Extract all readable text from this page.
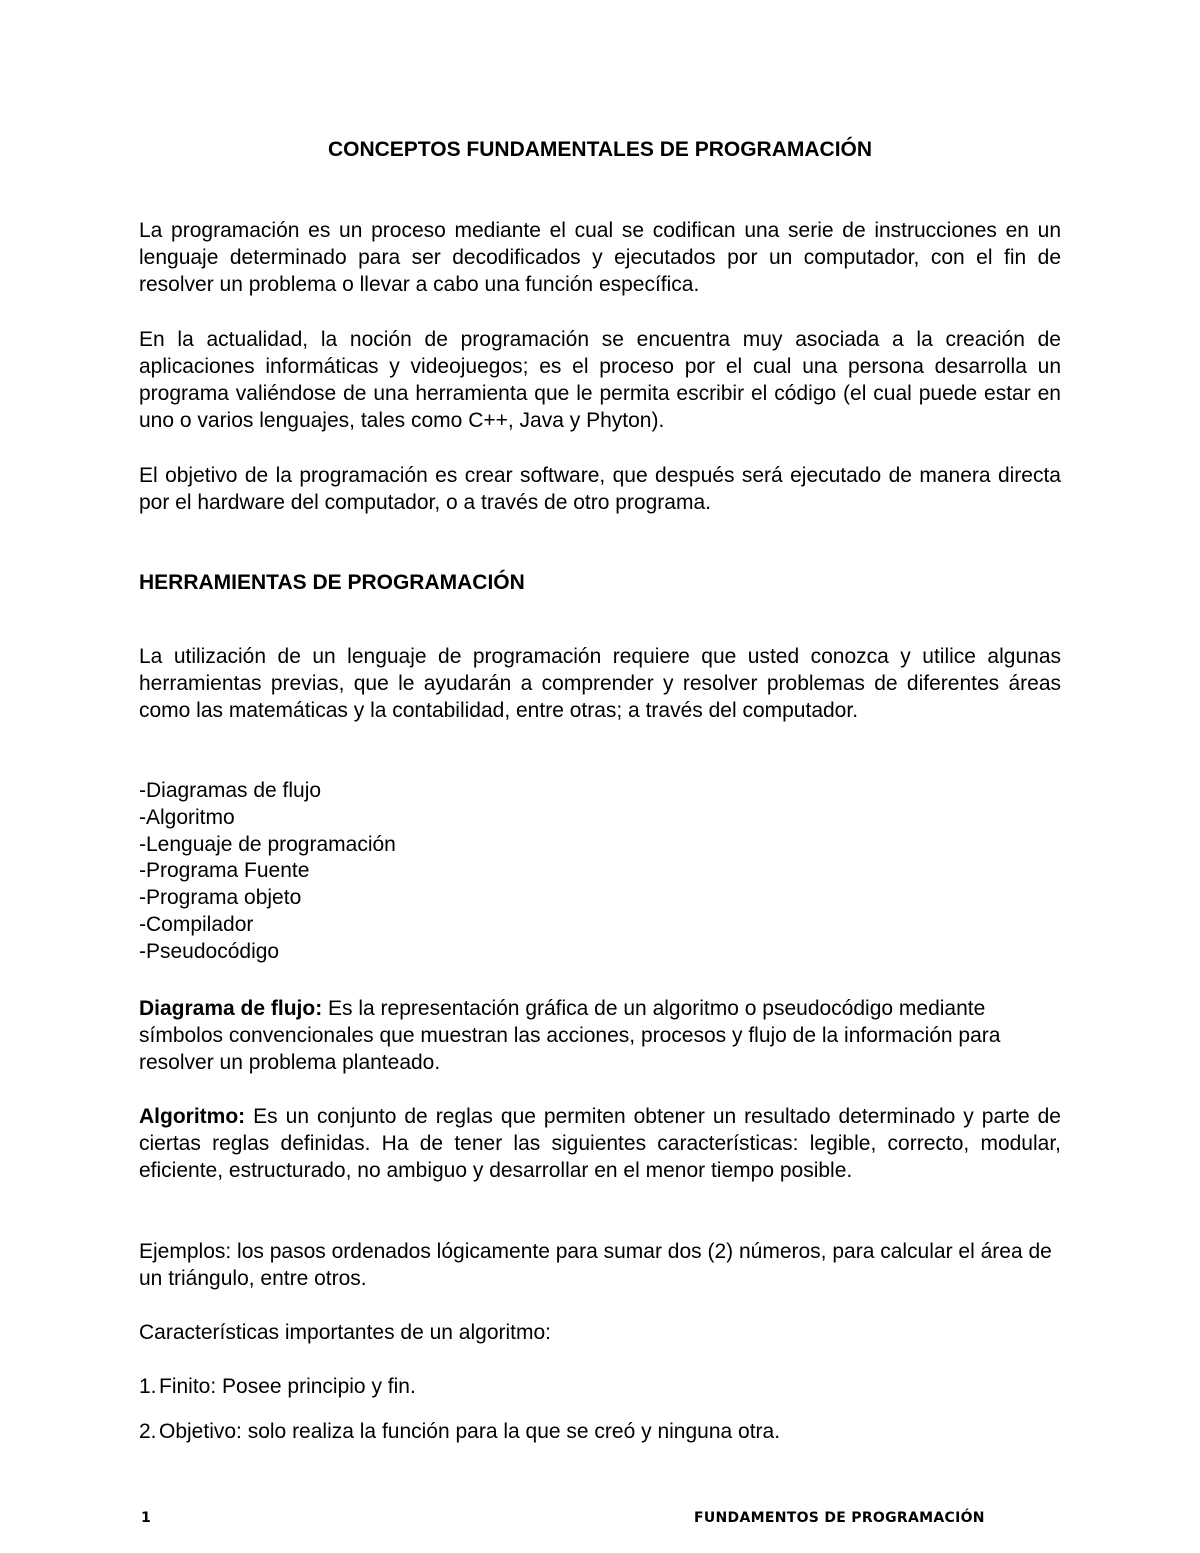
CONCEPTOS FUNDAMENTALES DE PROGRAMACIÓN

La programación es un proceso mediante el cual se codifican una serie de instrucciones en un lenguaje determinado para ser decodificados y ejecutados por un computador, con el fin de resolver un problema o llevar a cabo una función específica.

En la actualidad, la noción de programación se encuentra muy asociada a la creación de aplicaciones informáticas y videojuegos; es el proceso por el cual una persona desarrolla un programa valiéndose de una herramienta que le permita escribir el código (el cual puede estar en uno o varios lenguajes, tales como C++, Java y Phyton).

El objetivo de la programación es crear software, que después será ejecutado de manera directa por el hardware del computador, o a través de otro programa.

HERRAMIENTAS DE PROGRAMACIÓN

La utilización de un lenguaje de programación requiere que usted conozca y utilice algunas herramientas previas, que le ayudarán a comprender y resolver problemas de diferentes áreas como las matemáticas y la contabilidad, entre otras; a través del computador.

-Diagramas de flujo
-Algoritmo
-Lenguaje de programación
-Programa Fuente
-Programa objeto
-Compilador
-Pseudocódigo

Diagrama de flujo: Es la representación gráfica de un algoritmo o pseudocódigo mediante símbolos convencionales que muestran las acciones, procesos y flujo de la información para resolver un problema planteado.

Algoritmo: Es un conjunto de reglas que permiten obtener un resultado determinado y parte de ciertas reglas definidas. Ha de tener las siguientes características: legible, correcto, modular, eficiente, estructurado, no ambiguo y desarrollar en el menor tiempo posible.

Ejemplos: los pasos ordenados lógicamente para sumar dos (2) números, para calcular el área de un triángulo, entre otros.

Características importantes de un algoritmo:

1. Finito: Posee principio y fin.
2. Objetivo: solo realiza la función para la que se creó y ninguna otra.
1	FUNDAMENTOS DE PROGRAMACIÓN
